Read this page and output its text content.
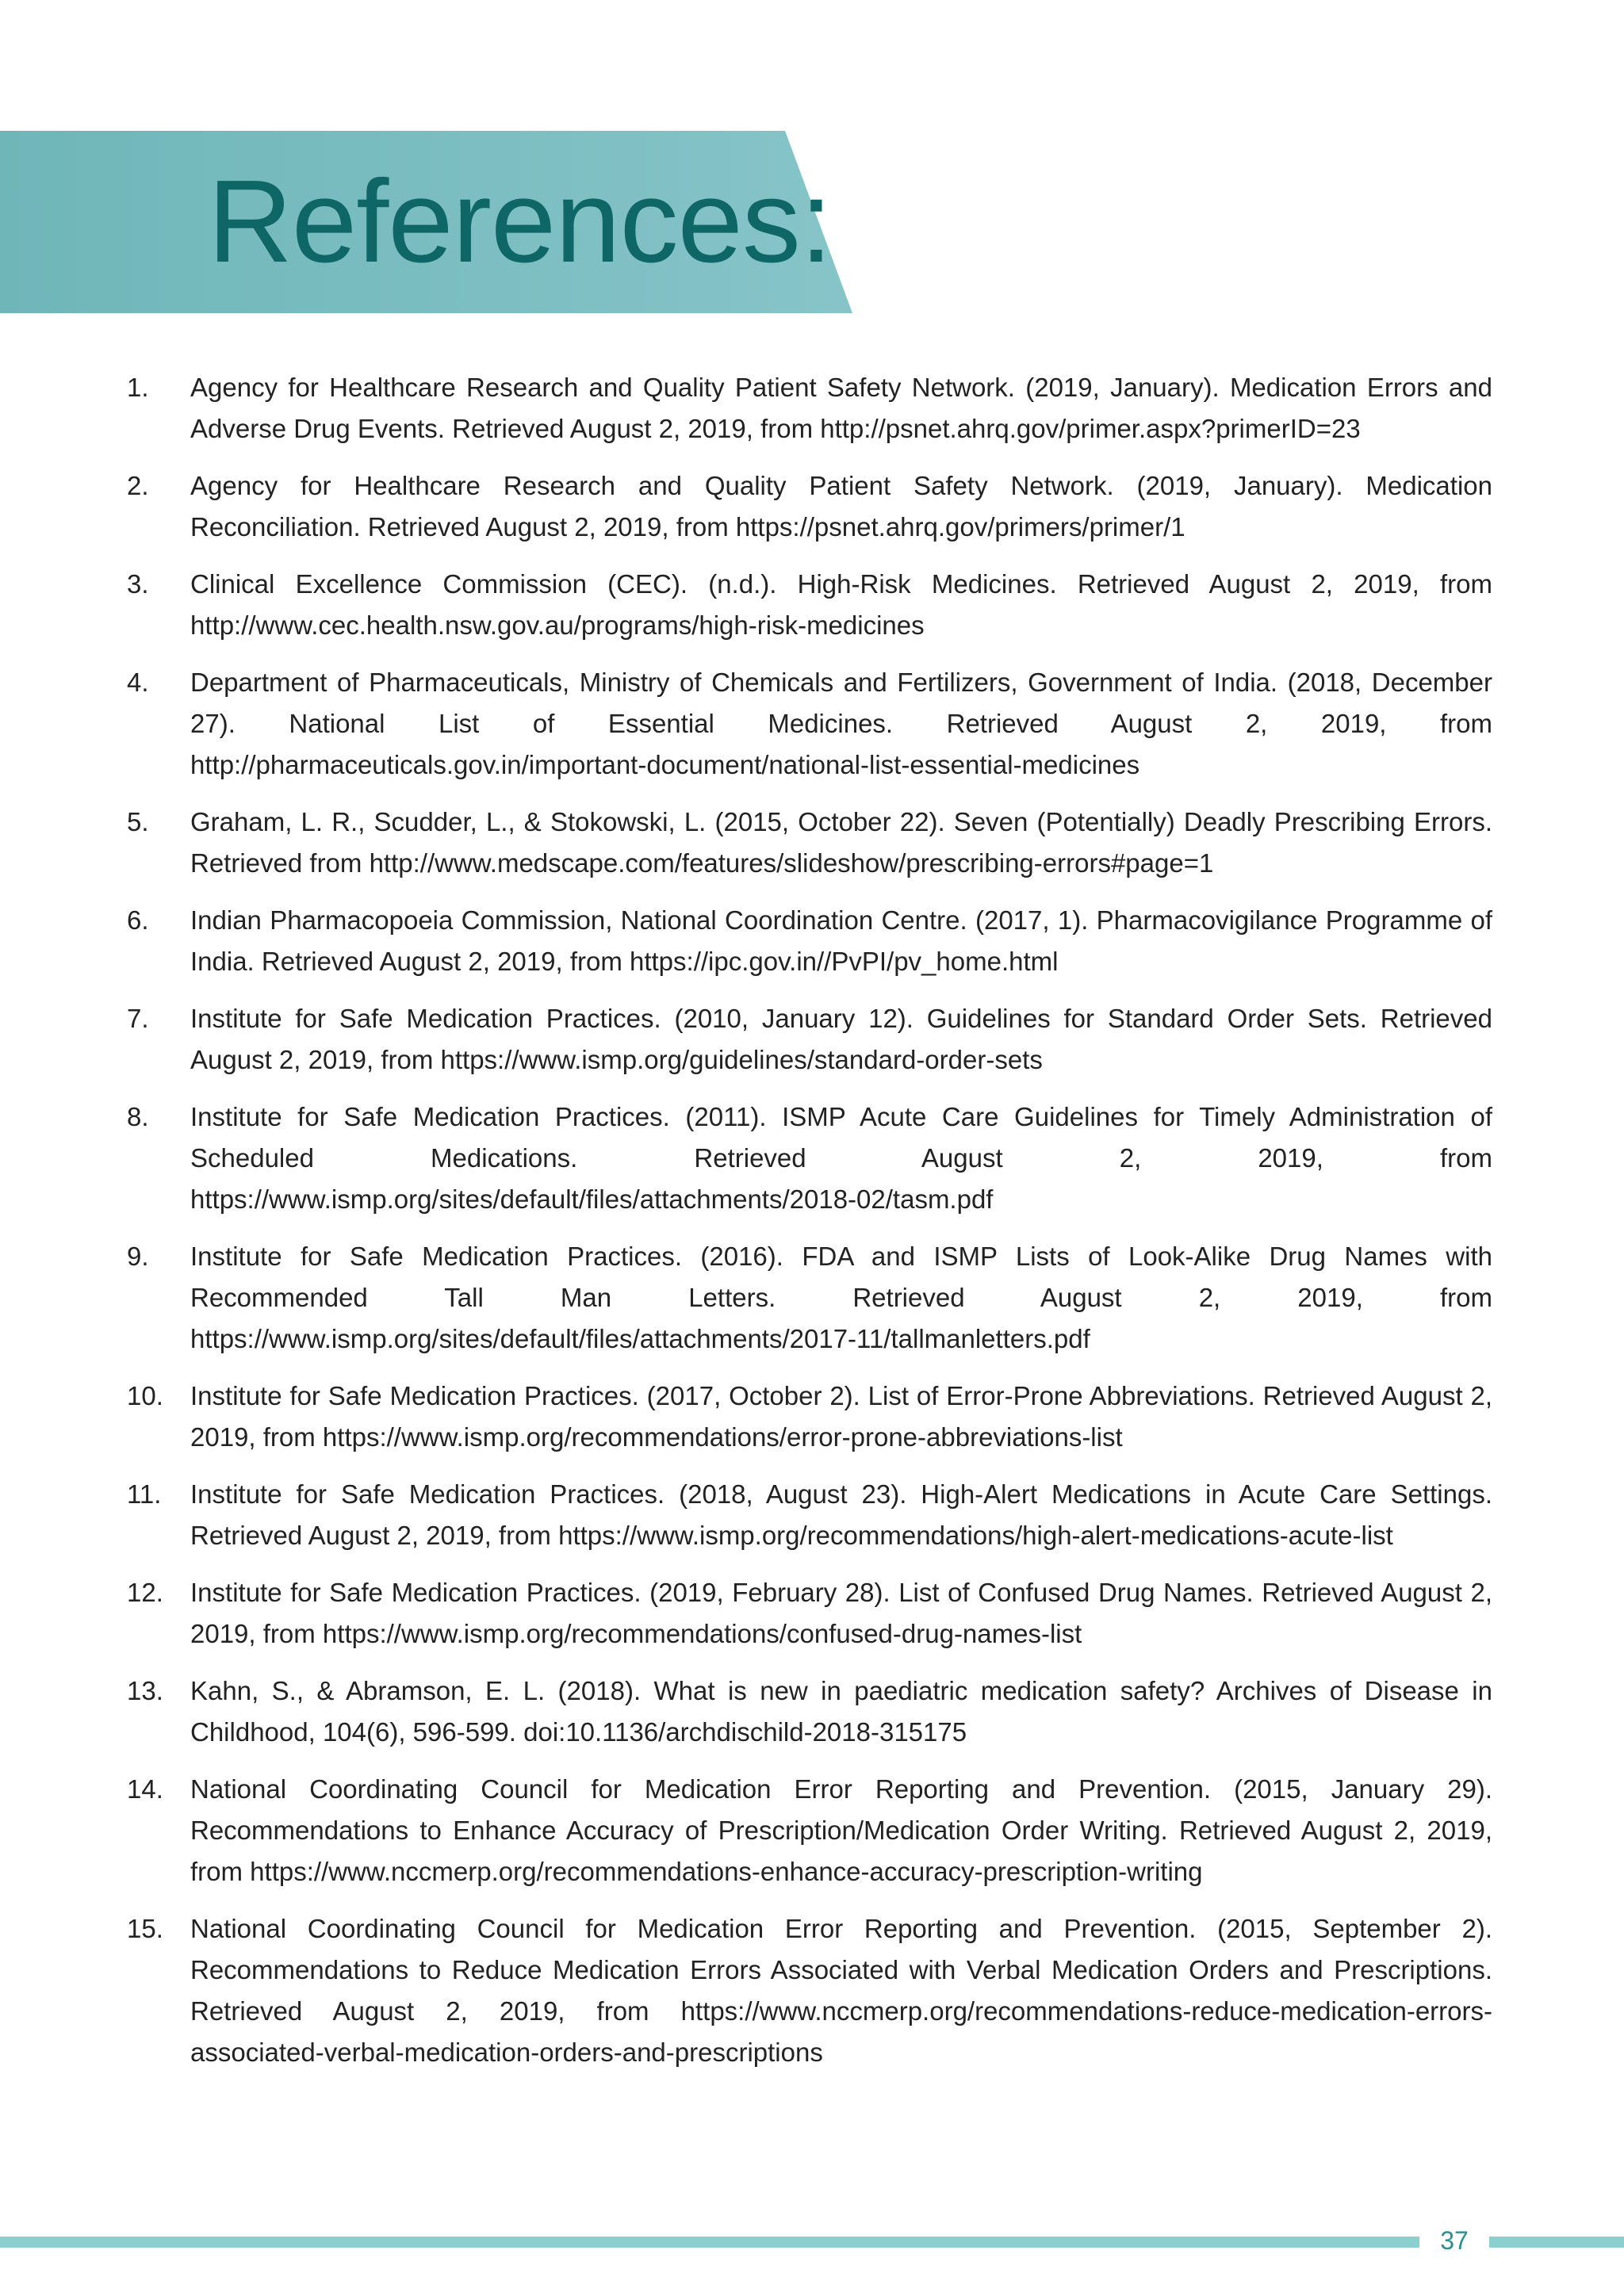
References:
1.	Agency for Healthcare Research and Quality Patient Safety Network. (2019, January). Medication Errors and Adverse Drug Events. Retrieved August 2, 2019, from http://psnet.ahrq.gov/primer.aspx?primerID=23
2.	Agency for Healthcare Research and Quality Patient Safety Network. (2019, January). Medication Reconciliation. Retrieved August 2, 2019, from https://psnet.ahrq.gov/primers/primer/1
3.	Clinical Excellence Commission (CEC). (n.d.). High-Risk Medicines. Retrieved August 2, 2019, from http://www.cec.health.nsw.gov.au/programs/high-risk-medicines
4.	Department of Pharmaceuticals, Ministry of Chemicals and Fertilizers, Government of India. (2018, December 27). National List of Essential Medicines. Retrieved August 2, 2019, from http://pharmaceuticals.gov.in/important-document/national-list-essential-medicines
5.	Graham, L. R., Scudder, L., & Stokowski, L. (2015, October 22). Seven (Potentially) Deadly Prescribing Errors. Retrieved from http://www.medscape.com/features/slideshow/prescribing-errors#page=1
6.	Indian Pharmacopoeia Commission, National Coordination Centre. (2017, 1). Pharmacovigilance Programme of India. Retrieved August 2, 2019, from https://ipc.gov.in//PvPI/pv_home.html
7.	Institute for Safe Medication Practices. (2010, January 12). Guidelines for Standard Order Sets. Retrieved August 2, 2019, from https://www.ismp.org/guidelines/standard-order-sets
8.	Institute for Safe Medication Practices. (2011). ISMP Acute Care Guidelines for Timely Administration of Scheduled Medications. Retrieved August 2, 2019, from https://www.ismp.org/sites/default/files/attachments/2018-02/tasm.pdf
9.	Institute for Safe Medication Practices. (2016). FDA and ISMP Lists of Look-Alike Drug Names with Recommended Tall Man Letters. Retrieved August 2, 2019, from https://www.ismp.org/sites/default/files/attachments/2017-11/tallmanletters.pdf
10.	Institute for Safe Medication Practices. (2017, October 2). List of Error-Prone Abbreviations. Retrieved August 2, 2019, from https://www.ismp.org/recommendations/error-prone-abbreviations-list
11.	Institute for Safe Medication Practices. (2018, August 23). High-Alert Medications in Acute Care Settings. Retrieved August 2, 2019, from https://www.ismp.org/recommendations/high-alert-medications-acute-list
12.	Institute for Safe Medication Practices. (2019, February 28). List of Confused Drug Names. Retrieved August 2, 2019, from https://www.ismp.org/recommendations/confused-drug-names-list
13.	Kahn, S., & Abramson, E. L. (2018). What is new in paediatric medication safety? Archives of Disease in Childhood, 104(6), 596-599. doi:10.1136/archdischild-2018-315175
14.	National Coordinating Council for Medication Error Reporting and Prevention. (2015, January 29). Recommendations to Enhance Accuracy of Prescription/Medication Order Writing. Retrieved August 2, 2019, from https://www.nccmerp.org/recommendations-enhance-accuracy-prescription-writing
15.	National Coordinating Council for Medication Error Reporting and Prevention. (2015, September 2). Recommendations to Reduce Medication Errors Associated with Verbal Medication Orders and Prescriptions. Retrieved August 2, 2019, from https://www.nccmerp.org/recommendations-reduce-medication-errors-associated-verbal-medication-orders-and-prescriptions
37
